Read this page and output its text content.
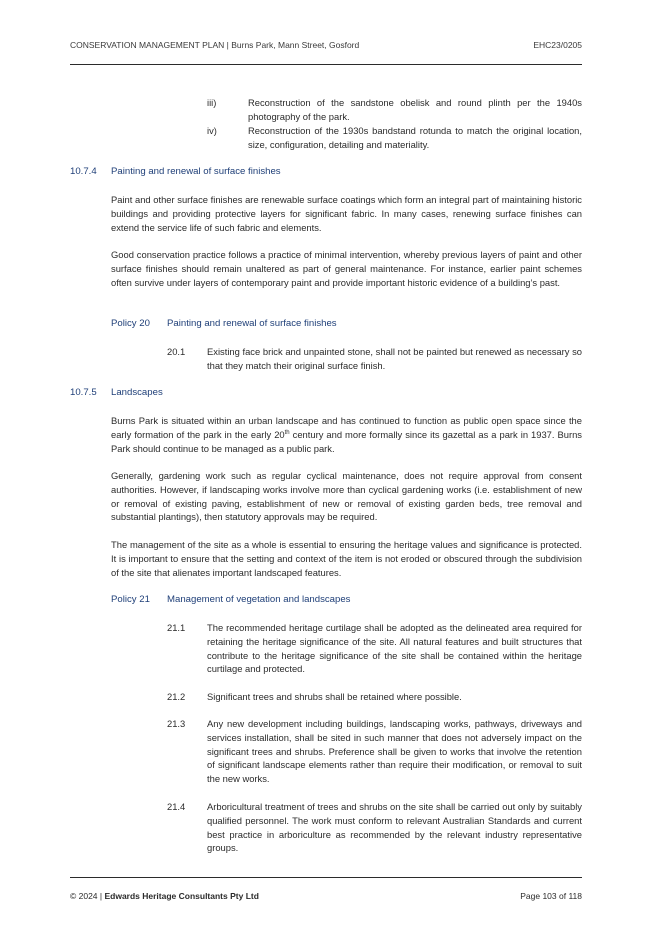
CONSERVATION MANAGEMENT PLAN | Burns Park, Mann Street, Gosford	EHC23/0205
iii)	Reconstruction of the sandstone obelisk and round plinth per the 1940s photography of the park.
iv)	Reconstruction of the 1930s bandstand rotunda to match the original location, size, configuration, detailing and materiality.
10.7.4 Painting and renewal of surface finishes
Paint and other surface finishes are renewable surface coatings which form an integral part of maintaining historic buildings and providing protective layers for significant fabric. In many cases, renewing surface finishes can extend the service life of such fabric and elements.
Good conservation practice follows a practice of minimal intervention, whereby previous layers of paint and other surface finishes should remain unaltered as part of general maintenance. For instance, earlier paint schemes often survive under layers of contemporary paint and provide important historic evidence of a building’s past.
Policy 20 Painting and renewal of surface finishes
20.1	Existing face brick and unpainted stone, shall not be painted but renewed as necessary so that they match their original surface finish.
10.7.5 Landscapes
Burns Park is situated within an urban landscape and has continued to function as public open space since the early formation of the park in the early 20th century and more formally since its gazettal as a park in 1937. Burns Park should continue to be managed as a public park.
Generally, gardening work such as regular cyclical maintenance, does not require approval from consent authorities. However, if landscaping works involve more than cyclical gardening works (i.e. establishment of new or removal of existing paving, establishment of new or removal of existing garden beds, tree removal and substantial plantings), then statutory approvals may be required.
The management of the site as a whole is essential to ensuring the heritage values and significance is protected. It is important to ensure that the setting and context of the item is not eroded or obscured through the subdivision of the site that alienates important landscaped features.
Policy 21 Management of vegetation and landscapes
21.1	The recommended heritage curtilage shall be adopted as the delineated area required for retaining the heritage significance of the site. All natural features and built structures that contribute to the heritage significance of the site shall be contained within the heritage curtilage and protected.
21.2	Significant trees and shrubs shall be retained where possible.
21.3	Any new development including buildings, landscaping works, pathways, driveways and services installation, shall be sited in such manner that does not adversely impact on the significant trees and shrubs. Preference shall be given to works that involve the retention of significant landscape elements rather than require their modification, or removal to suit the new works.
21.4	Arboricultural treatment of trees and shrubs on the site shall be carried out only by suitably qualified personnel. The work must conform to relevant Australian Standards and current best practice in arboriculture as recommended by the relevant industry representative groups.
© 2024 | Edwards Heritage Consultants Pty Ltd	Page 103 of 118
